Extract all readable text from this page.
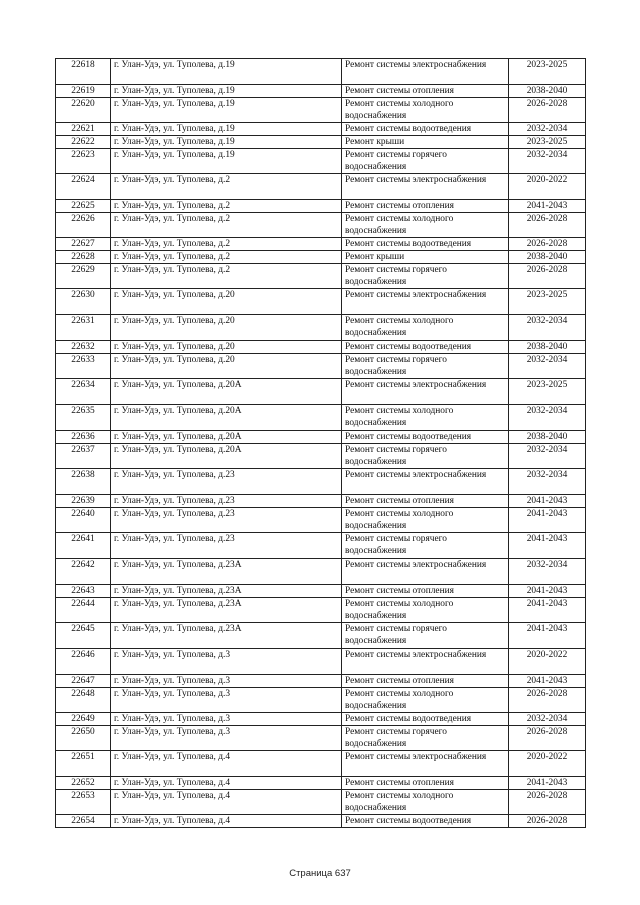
22618	г. Улан-Удэ, ул. Туполева, д.19	Ремонт системы электроснабжения	2023-2025
22619	г. Улан-Удэ, ул. Туполева, д.19	Ремонт системы отопления	2038-2040
22620	г. Улан-Удэ, ул. Туполева, д.19	Ремонт системы холодного водоснабжения	2026-2028
22621	г. Улан-Удэ, ул. Туполева, д.19	Ремонт системы водоотведения	2032-2034
22622	г. Улан-Удэ, ул. Туполева, д.19	Ремонт крыши	2023-2025
22623	г. Улан-Удэ, ул. Туполева, д.19	Ремонт системы горячего водоснабжения	2032-2034
22624	г. Улан-Удэ, ул. Туполева, д.2	Ремонт системы электроснабжения	2020-2022
22625	г. Улан-Удэ, ул. Туполева, д.2	Ремонт системы отопления	2041-2043
22626	г. Улан-Удэ, ул. Туполева, д.2	Ремонт системы холодного водоснабжения	2026-2028
22627	г. Улан-Удэ, ул. Туполева, д.2	Ремонт системы водоотведения	2026-2028
22628	г. Улан-Удэ, ул. Туполева, д.2	Ремонт крыши	2038-2040
22629	г. Улан-Удэ, ул. Туполева, д.2	Ремонт системы горячего водоснабжения	2026-2028
22630	г. Улан-Удэ, ул. Туполева, д.20	Ремонт системы электроснабжения	2023-2025
22631	г. Улан-Удэ, ул. Туполева, д.20	Ремонт системы холодного водоснабжения	2032-2034
22632	г. Улан-Удэ, ул. Туполева, д.20	Ремонт системы водоотведения	2038-2040
22633	г. Улан-Удэ, ул. Туполева, д.20	Ремонт системы горячего водоснабжения	2032-2034
22634	г. Улан-Удэ, ул. Туполева, д.20А	Ремонт системы электроснабжения	2023-2025
22635	г. Улан-Удэ, ул. Туполева, д.20А	Ремонт системы холодного водоснабжения	2032-2034
22636	г. Улан-Удэ, ул. Туполева, д.20А	Ремонт системы водоотведения	2038-2040
22637	г. Улан-Удэ, ул. Туполева, д.20А	Ремонт системы горячего водоснабжения	2032-2034
22638	г. Улан-Удэ, ул. Туполева, д.23	Ремонт системы электроснабжения	2032-2034
22639	г. Улан-Удэ, ул. Туполева, д.23	Ремонт системы отопления	2041-2043
22640	г. Улан-Удэ, ул. Туполева, д.23	Ремонт системы холодного водоснабжения	2041-2043
22641	г. Улан-Удэ, ул. Туполева, д.23	Ремонт системы горячего водоснабжения	2041-2043
22642	г. Улан-Удэ, ул. Туполева, д.23А	Ремонт системы электроснабжения	2032-2034
22643	г. Улан-Удэ, ул. Туполева, д.23А	Ремонт системы отопления	2041-2043
22644	г. Улан-Удэ, ул. Туполева, д.23А	Ремонт системы холодного водоснабжения	2041-2043
22645	г. Улан-Удэ, ул. Туполева, д.23А	Ремонт системы горячего водоснабжения	2041-2043
22646	г. Улан-Удэ, ул. Туполева, д.3	Ремонт системы электроснабжения	2020-2022
22647	г. Улан-Удэ, ул. Туполева, д.3	Ремонт системы отопления	2041-2043
22648	г. Улан-Удэ, ул. Туполева, д.3	Ремонт системы холодного водоснабжения	2026-2028
22649	г. Улан-Удэ, ул. Туполева, д.3	Ремонт системы водоотведения	2032-2034
22650	г. Улан-Удэ, ул. Туполева, д.3	Ремонт системы горячего водоснабжения	2026-2028
22651	г. Улан-Удэ, ул. Туполева, д.4	Ремонт системы электроснабжения	2020-2022
22652	г. Улан-Удэ, ул. Туполева, д.4	Ремонт системы отопления	2041-2043
22653	г. Улан-Удэ, ул. Туполева, д.4	Ремонт системы холодного водоснабжения	2026-2028
22654	г. Улан-Удэ, ул. Туполева, д.4	Ремонт системы водоотведения	2026-2028
Страница 637
